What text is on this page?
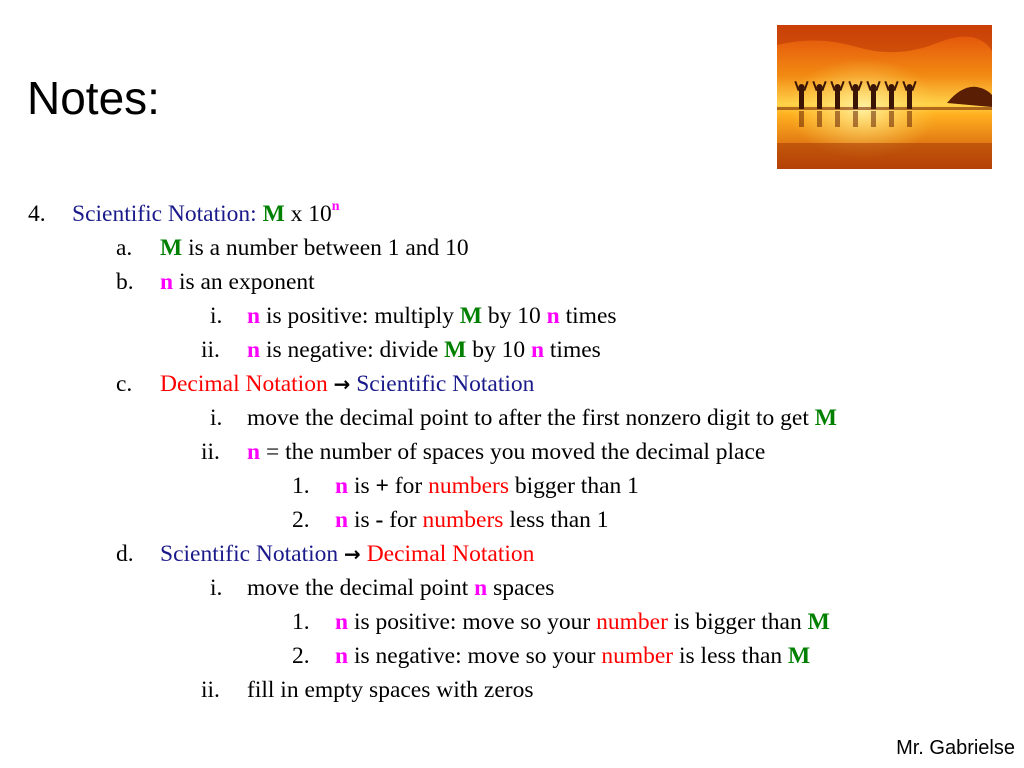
Notes:
4. Scientific Notation: M x 10$^n$
a. M is a number between 1 and 10
b. n is an exponent
i. n is positive: multiply M by 10 n times
ii. n is negative: divide M by 10 n times
c. Decimal Notation → Scientific Notation
i. move the decimal point to after the first nonzero digit to get M
ii. n = the number of spaces you moved the decimal place
1. n is + for numbers bigger than 1
2. n is - for numbers less than 1
d. Scientific Notation → Decimal Notation
i. move the decimal point n spaces
1. n is positive: move so your number is bigger than M
2. n is negative: move so your number is less than M
ii. fill in empty spaces with zeros
Mr. Gabrielse
